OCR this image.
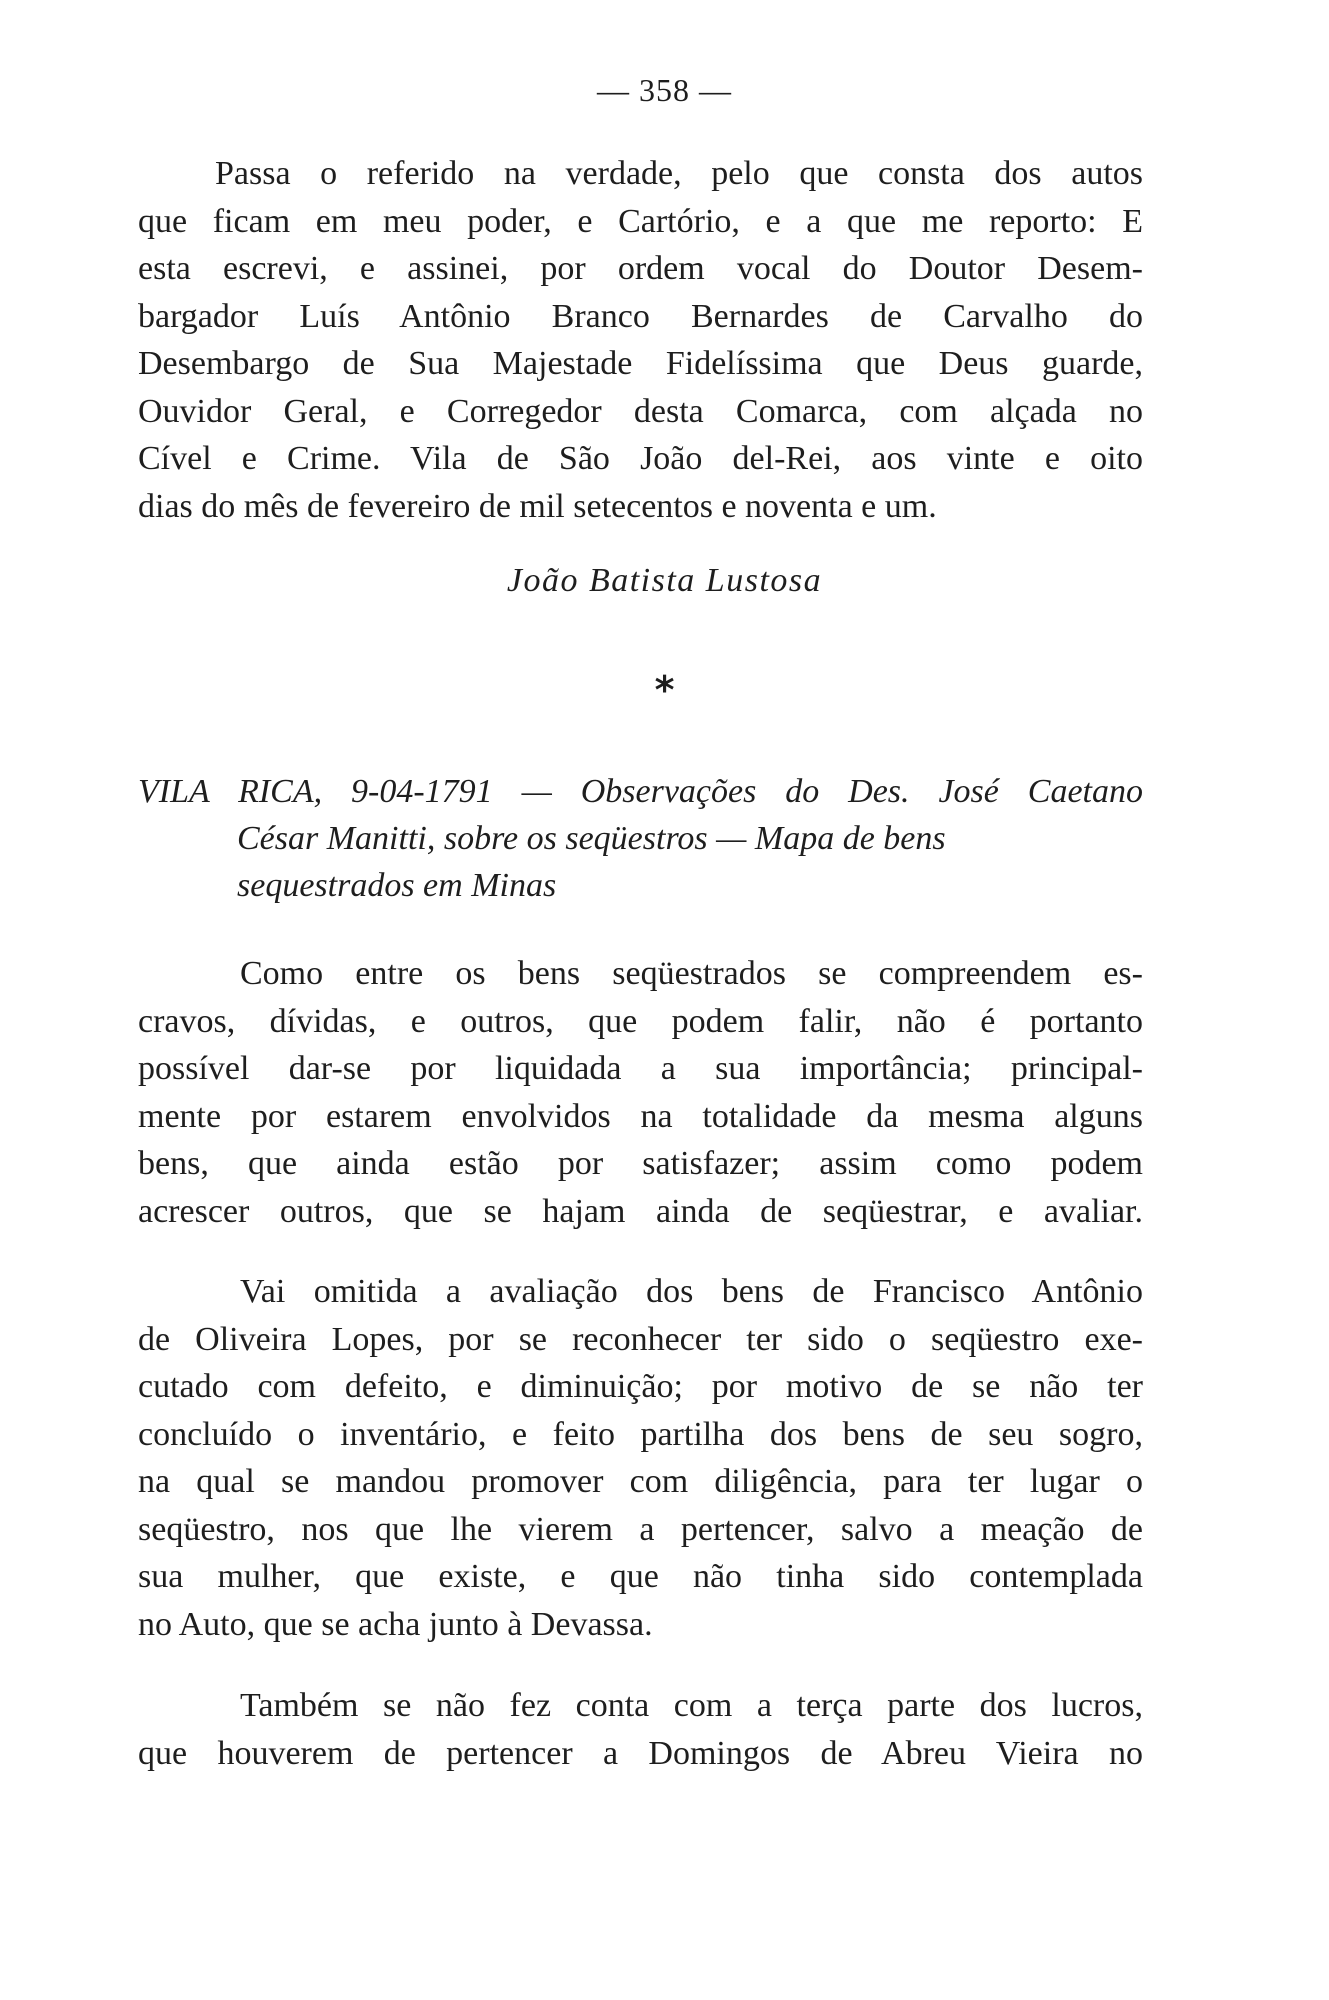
— 358 —
Passa o referido na verdade, pelo que consta dos autos
que ficam em meu poder, e Cartório, e a que me reporto: E
esta escrevi, e assinei, por ordem vocal do Doutor Desem-
bargador Luís Antônio Branco Bernardes de Carvalho do
Desembargo de Sua Majestade Fidelíssima que Deus guarde,
Ouvidor Geral, e Corregedor desta Comarca, com alçada no
Cível e Crime. Vila de São João del-Rei, aos vinte e oito
dias do mês de fevereiro de mil setecentos e noventa e um.
João Batista Lustosa
*
VILA RICA, 9-04-1791 — Observações do Des. José Caetano
César Manitti, sobre os seqüestros — Mapa de bens
sequestrados em Minas
Como entre os bens seqüestrados se compreendem es-
cravos, dívidas, e outros, que podem falir, não é portanto
possível dar-se por liquidada a sua importância; principal-
mente por estarem envolvidos na totalidade da mesma alguns
bens, que ainda estão por satisfazer; assim como podem
acrescer outros, que se hajam ainda de seqüestrar, e avaliar.
Vai omitida a avaliação dos bens de Francisco Antônio
de Oliveira Lopes, por se reconhecer ter sido o seqüestro exe-
cutado com defeito, e diminuição; por motivo de se não ter
concluído o inventário, e feito partilha dos bens de seu sogro,
na qual se mandou promover com diligência, para ter lugar o
seqüestro, nos que lhe vierem a pertencer, salvo a meação de
sua mulher, que existe, e que não tinha sido contemplada
no Auto, que se acha junto à Devassa.
Também se não fez conta com a terça parte dos lucros,
que houverem de pertencer a Domingos de Abreu Vieira no
